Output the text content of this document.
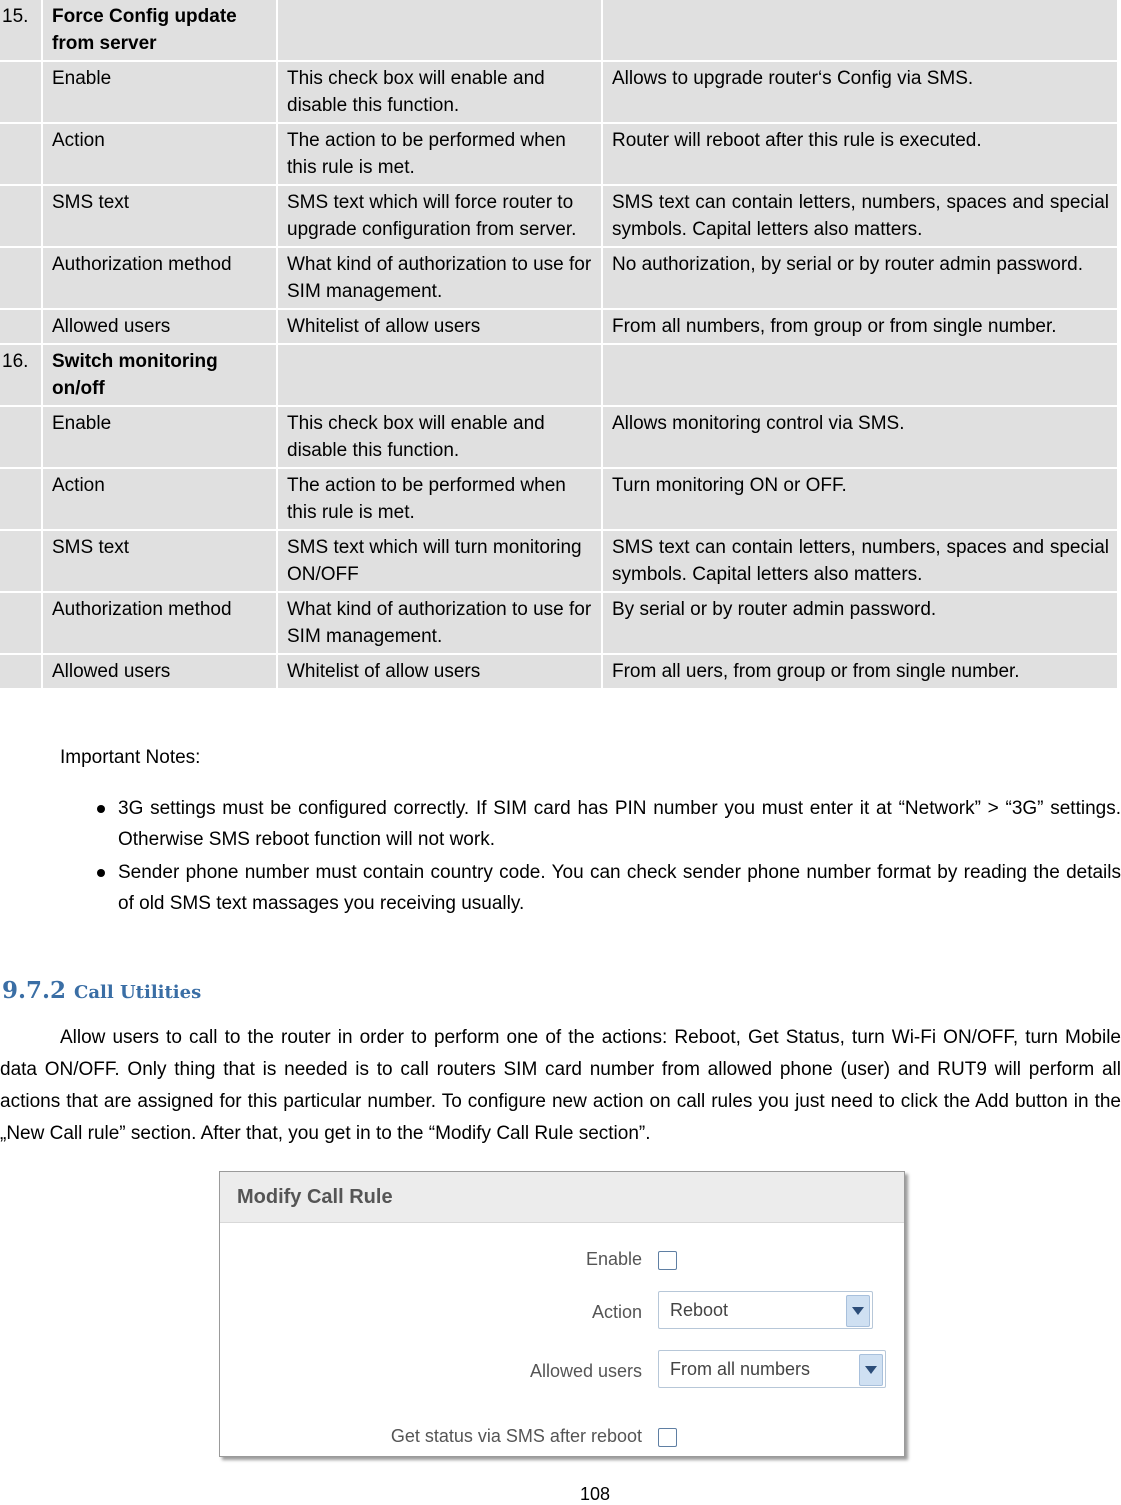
15.	Force Config update from server		
	Enable	This check box will enable and disable this function.	Allows to upgrade router‘s Config via SMS.
	Action	The action to be performed when this rule is met.	Router will reboot after this rule is executed.
	SMS text	SMS text which will force router to upgrade configuration from server.	SMS text can contain letters, numbers, spaces and special symbols. Capital letters also matters.
	Authorization method	What kind of authorization to use for SIM management.	No authorization, by serial or by router admin password.
	Allowed users	Whitelist of allow users	From all numbers, from group or from single number.
16.	Switch monitoring on/off		
	Enable	This check box will enable and disable this function.	Allows monitoring control via SMS.
	Action	The action to be performed when this rule is met.	Turn monitoring ON or OFF.
	SMS text	SMS text which will turn monitoring ON/OFF	SMS text can contain letters, numbers, spaces and special symbols. Capital letters also matters.
	Authorization method	What kind of authorization to use for SIM management.	By serial or by router admin password.
	Allowed users	Whitelist of allow users	From all uers, from group or from single number.
Important Notes:
3G settings must be configured correctly. If SIM card has PIN number you must enter it at “Network” > “3G” settings. Otherwise SMS reboot function will not work.
Sender phone number must contain country code. You can check sender phone number format by reading the details of old SMS text massages you receiving usually.
9.7.2 Call Utilities
Allow users to call to the router in order to perform one of the actions: Reboot, Get Status, turn Wi-Fi ON/OFF, turn Mobile data ON/OFF. Only thing that is needed is to call routers SIM card number from allowed phone (user) and RUT9 will perform all actions that are assigned for this particular number. To configure new action on call rules you just need to click the Add button in the „New Call rule” section. After that, you get in to the “Modify Call Rule section”.
Modify Call Rule
Enable
Action Reboot
Allowed users From all numbers
Get status via SMS after reboot
108
